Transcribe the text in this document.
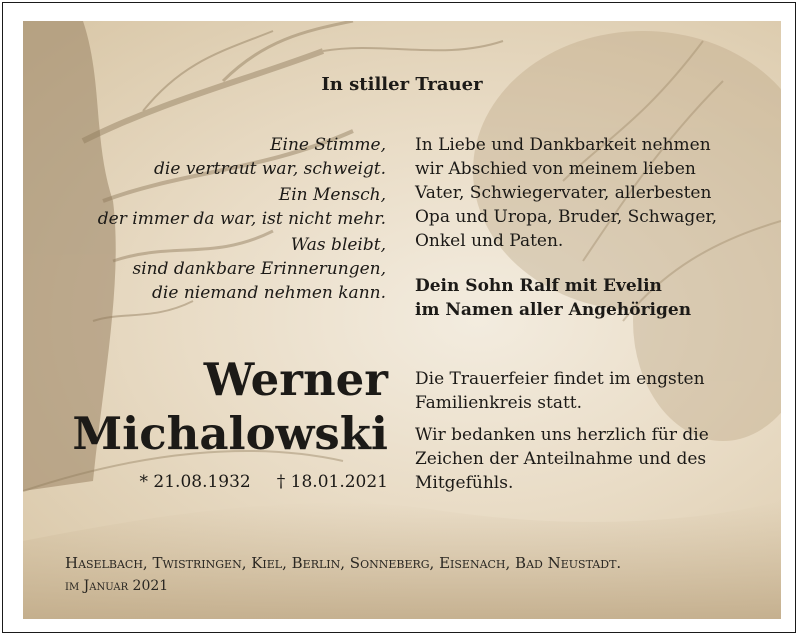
In stiller Trauer
Eine Stimme,
die vertraut war, schweigt.
Ein Mensch,
der immer da war, ist nicht mehr.
Was bleibt,
sind dankbare Erinnerungen,
die niemand nehmen kann.
In Liebe und Dankbarkeit nehmen
wir Abschied von meinem lieben
Vater, Schwiegervater, allerbesten
Opa und Uropa, Bruder, Schwager,
Onkel und Paten.
Dein Sohn Ralf mit Evelin
im Namen aller Angehörigen
Werner
Michalowski
* 21.08.1932 † 18.01.2021
Die Trauerfeier findet im engsten
Familienkreis statt.
Wir bedanken uns herzlich für die
Zeichen der Anteilnahme und des
Mitgefühls.
Haselbach, Twistringen, Kiel, Berlin, Sonneberg, Eisenach, Bad Neustadt.
im Januar 2021
